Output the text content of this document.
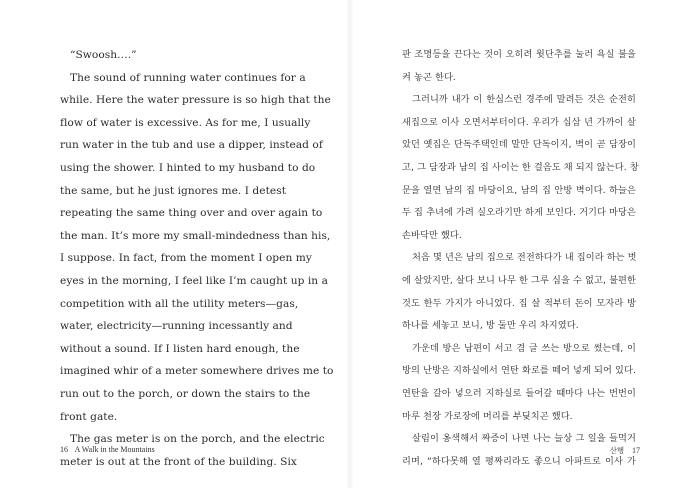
“Swoosh….”
The sound of running water continues for a
while. Here the water pressure is so high that the
flow of water is excessive. As for me, I usually
run water in the tub and use a dipper, instead of
using the shower. I hinted to my husband to do
the same, but he just ignores me. I detest
repeating the same thing over and over again to
the man. It’s more my small-mindedness than his,
I suppose. In fact, from the moment I open my
eyes in the morning, I feel like I’m caught up in a
competition with all the utility meters—gas,
water, electricity—running incessantly and
without a sound. If I listen hard enough, the
imagined whir of a meter somewhere drives me to
run out to the porch, or down the stairs to the
front gate.
The gas meter is on the porch, and the electric
meter is out at the front of the building. Six
16 A Walk in the Mountains
판 조명등을 끈다는 것이 오히려 윗단추를 눌러 욕실 불을
켜 놓곤 한다.
그러니까 내가 이 한심스런 경주에 말려든 것은 순전히
새집으로 이사 오면서부터이다. 우리가 십삼 년 가까이 살
았던 옛집은 단독주택인데 말만 단독이지, 벽이 곧 담장이
고, 그 담장과 남의 집 사이는 한 걸음도 채 되지 않는다. 창
문을 열면 남의 집 마당이요, 남의 집 안방 벽이다. 하늘은
두 집 추녀에 가려 실오라기만 하게 보인다. 거기다 마당은
손바닥만 했다.
처음 몇 년은 남의 집으로 전전하다가 내 집이라 하는 벗
에 살았지만, 살다 보니 나무 한 그루 심을 수 없고, 불편한
것도 한두 가지가 아니었다. 집 살 적부터 돈이 모자라 방
하나를 세놓고 보니, 방 둘만 우리 차지였다.
가운데 방은 남편이 서고 겸 글 쓰는 방으로 썼는데, 이
방의 난방은 지하실에서 연탄 화로를 떼어 넣게 되어 있다.
연탄을 갈아 넣으러 지하실로 들어갈 때마다 나는 번번이
마루 천장 가로장에 머리를 부딪치곤 했다.
살림이 옹색해서 짜증이 나면 나는 늘상 그 일을 들먹거
리며, “하다못해 열 평짜리라도 좋으니 아파트로 이사 가
산행 17
